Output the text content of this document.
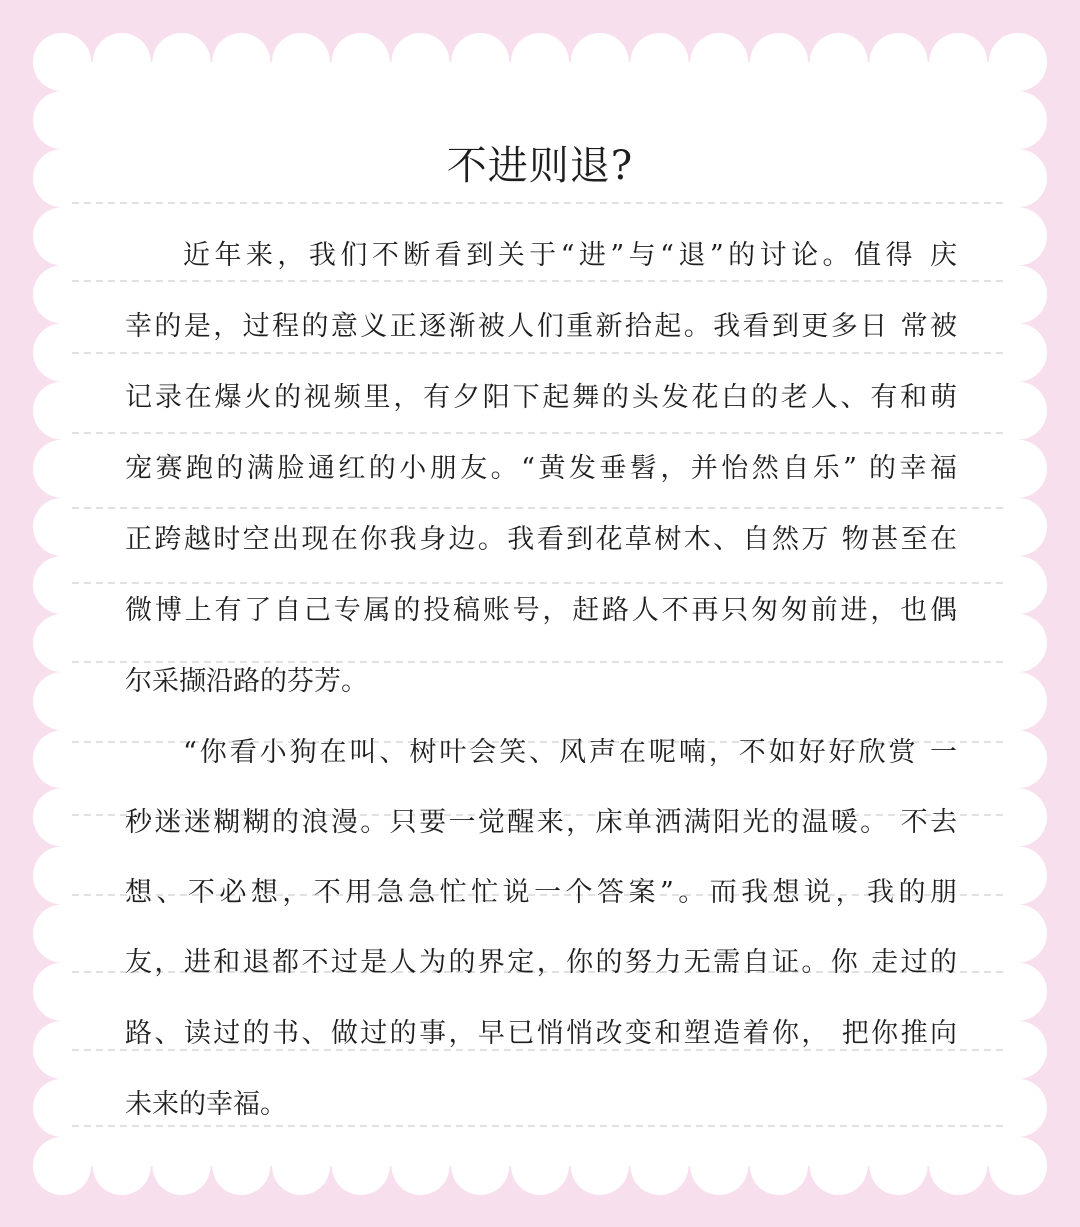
不进则退?
近年来，我们不断看到关于“进”与“退”的讨论。值得 庆
幸的是，过程的意义正逐渐被人们重新拾起。我看到更多日 常被
记录在爆火的视频里，有夕阳下起舞的头发花白的老人、有和萌
宠赛跑的满脸通红的小朋友。“黄发垂髫，并怡然自乐” 的幸福
正跨越时空出现在你我身边。我看到花草树木、自然万 物甚至在
微博上有了自己专属的投稿账号，赶路人不再只匆匆前进，也偶
尔采撷沿路的芬芳。
“你看小狗在叫、树叶会笑、风声在呢喃，不如好好欣赏 一
秒迷迷糊糊的浪漫。只要一觉醒来，床单洒满阳光的温暖。 不去
想、不必想，不用急急忙忙说一个答案”。而我想说，我的朋
友，进和退都不过是人为的界定，你的努力无需自证。你 走过的
路、读过的书、做过的事，早已悄悄改变和塑造着你， 把你推向
未来的幸福。
